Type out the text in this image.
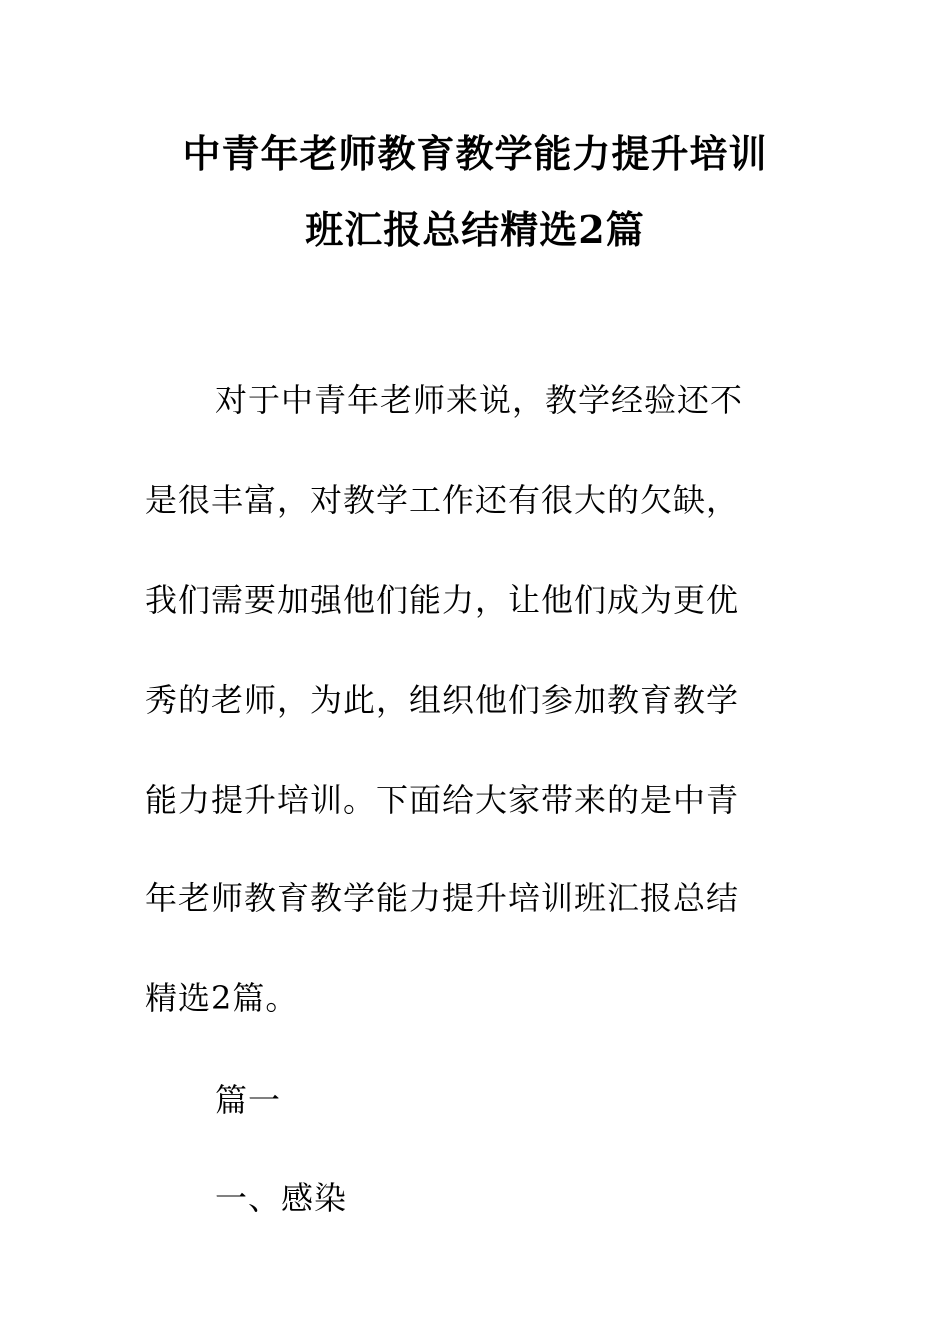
中青年老师教育教学能力提升培训
班汇报总结精选2篇
对于中青年老师来说，教学经验还不
是很丰富，对教学工作还有很大的欠缺，
我们需要加强他们能力，让他们成为更优
秀的老师，为此，组织他们参加教育教学
能力提升培训。下面给大家带来的是中青
年老师教育教学能力提升培训班汇报总结
精选2篇。
篇一
一、感染
